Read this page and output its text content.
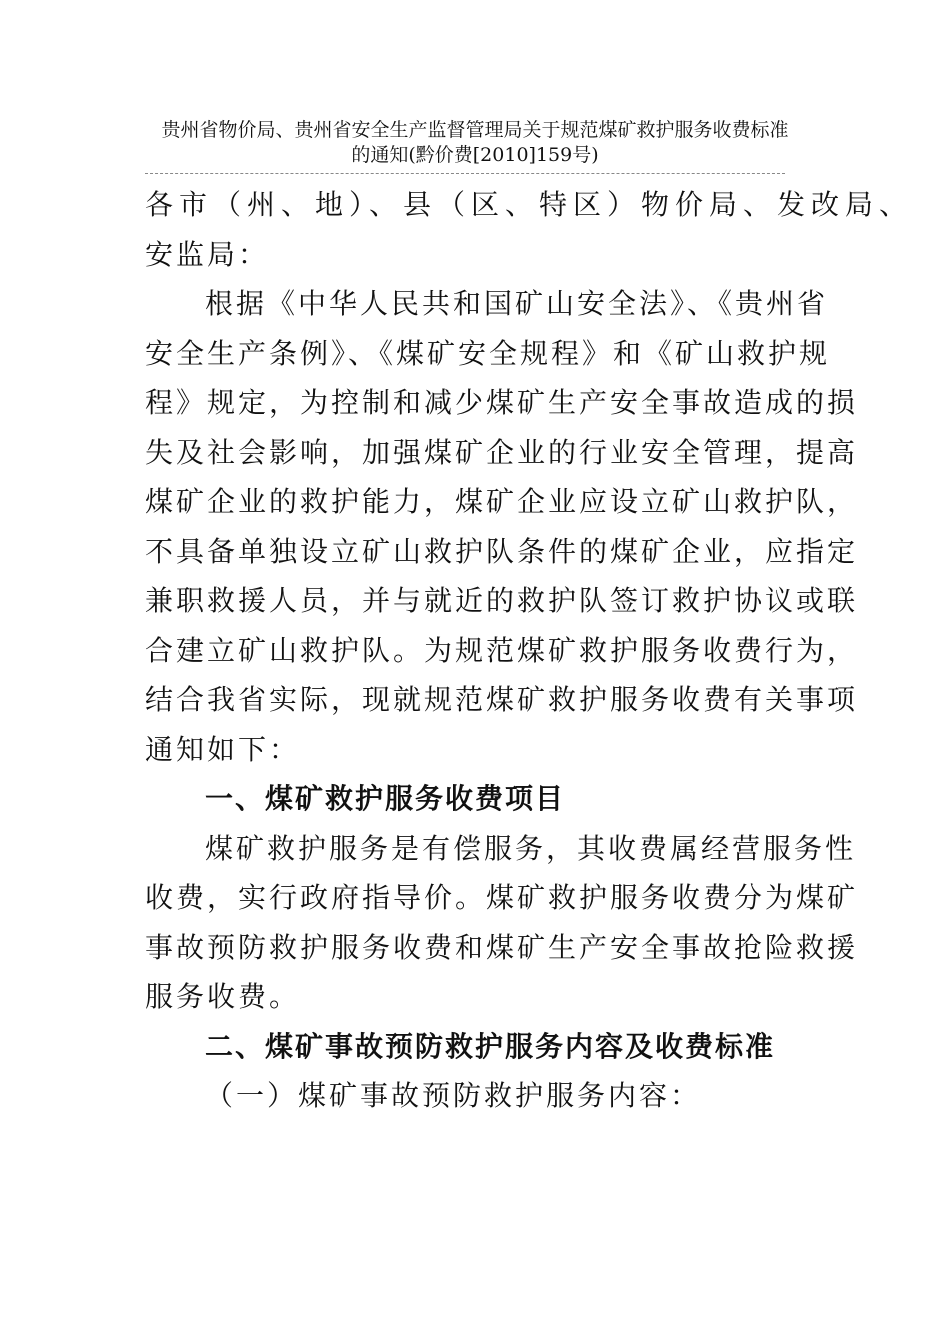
贵州省物价局、贵州省安全生产监督管理局关于规范煤矿救护服务收费标准
的通知(黔价费[2010]159号)
各市（州、地）、县（区、特区）物价局、发改局、
安监局：
根据《中华人民共和国矿山安全法》、《贵州省
安全生产条例》、《煤矿安全规程》和《矿山救护规
程》规定，为控制和减少煤矿生产安全事故造成的损
失及社会影响，加强煤矿企业的行业安全管理，提高
煤矿企业的救护能力，煤矿企业应设立矿山救护队，
不具备单独设立矿山救护队条件的煤矿企业，应指定
兼职救援人员，并与就近的救护队签订救护协议或联
合建立矿山救护队。为规范煤矿救护服务收费行为，
结合我省实际，现就规范煤矿救护服务收费有关事项
通知如下：
一、煤矿救护服务收费项目
煤矿救护服务是有偿服务，其收费属经营服务性
收费，实行政府指导价。煤矿救护服务收费分为煤矿
事故预防救护服务收费和煤矿生产安全事故抢险救援
服务收费。
二、煤矿事故预防救护服务内容及收费标准
（一）煤矿事故预防救护服务内容：
